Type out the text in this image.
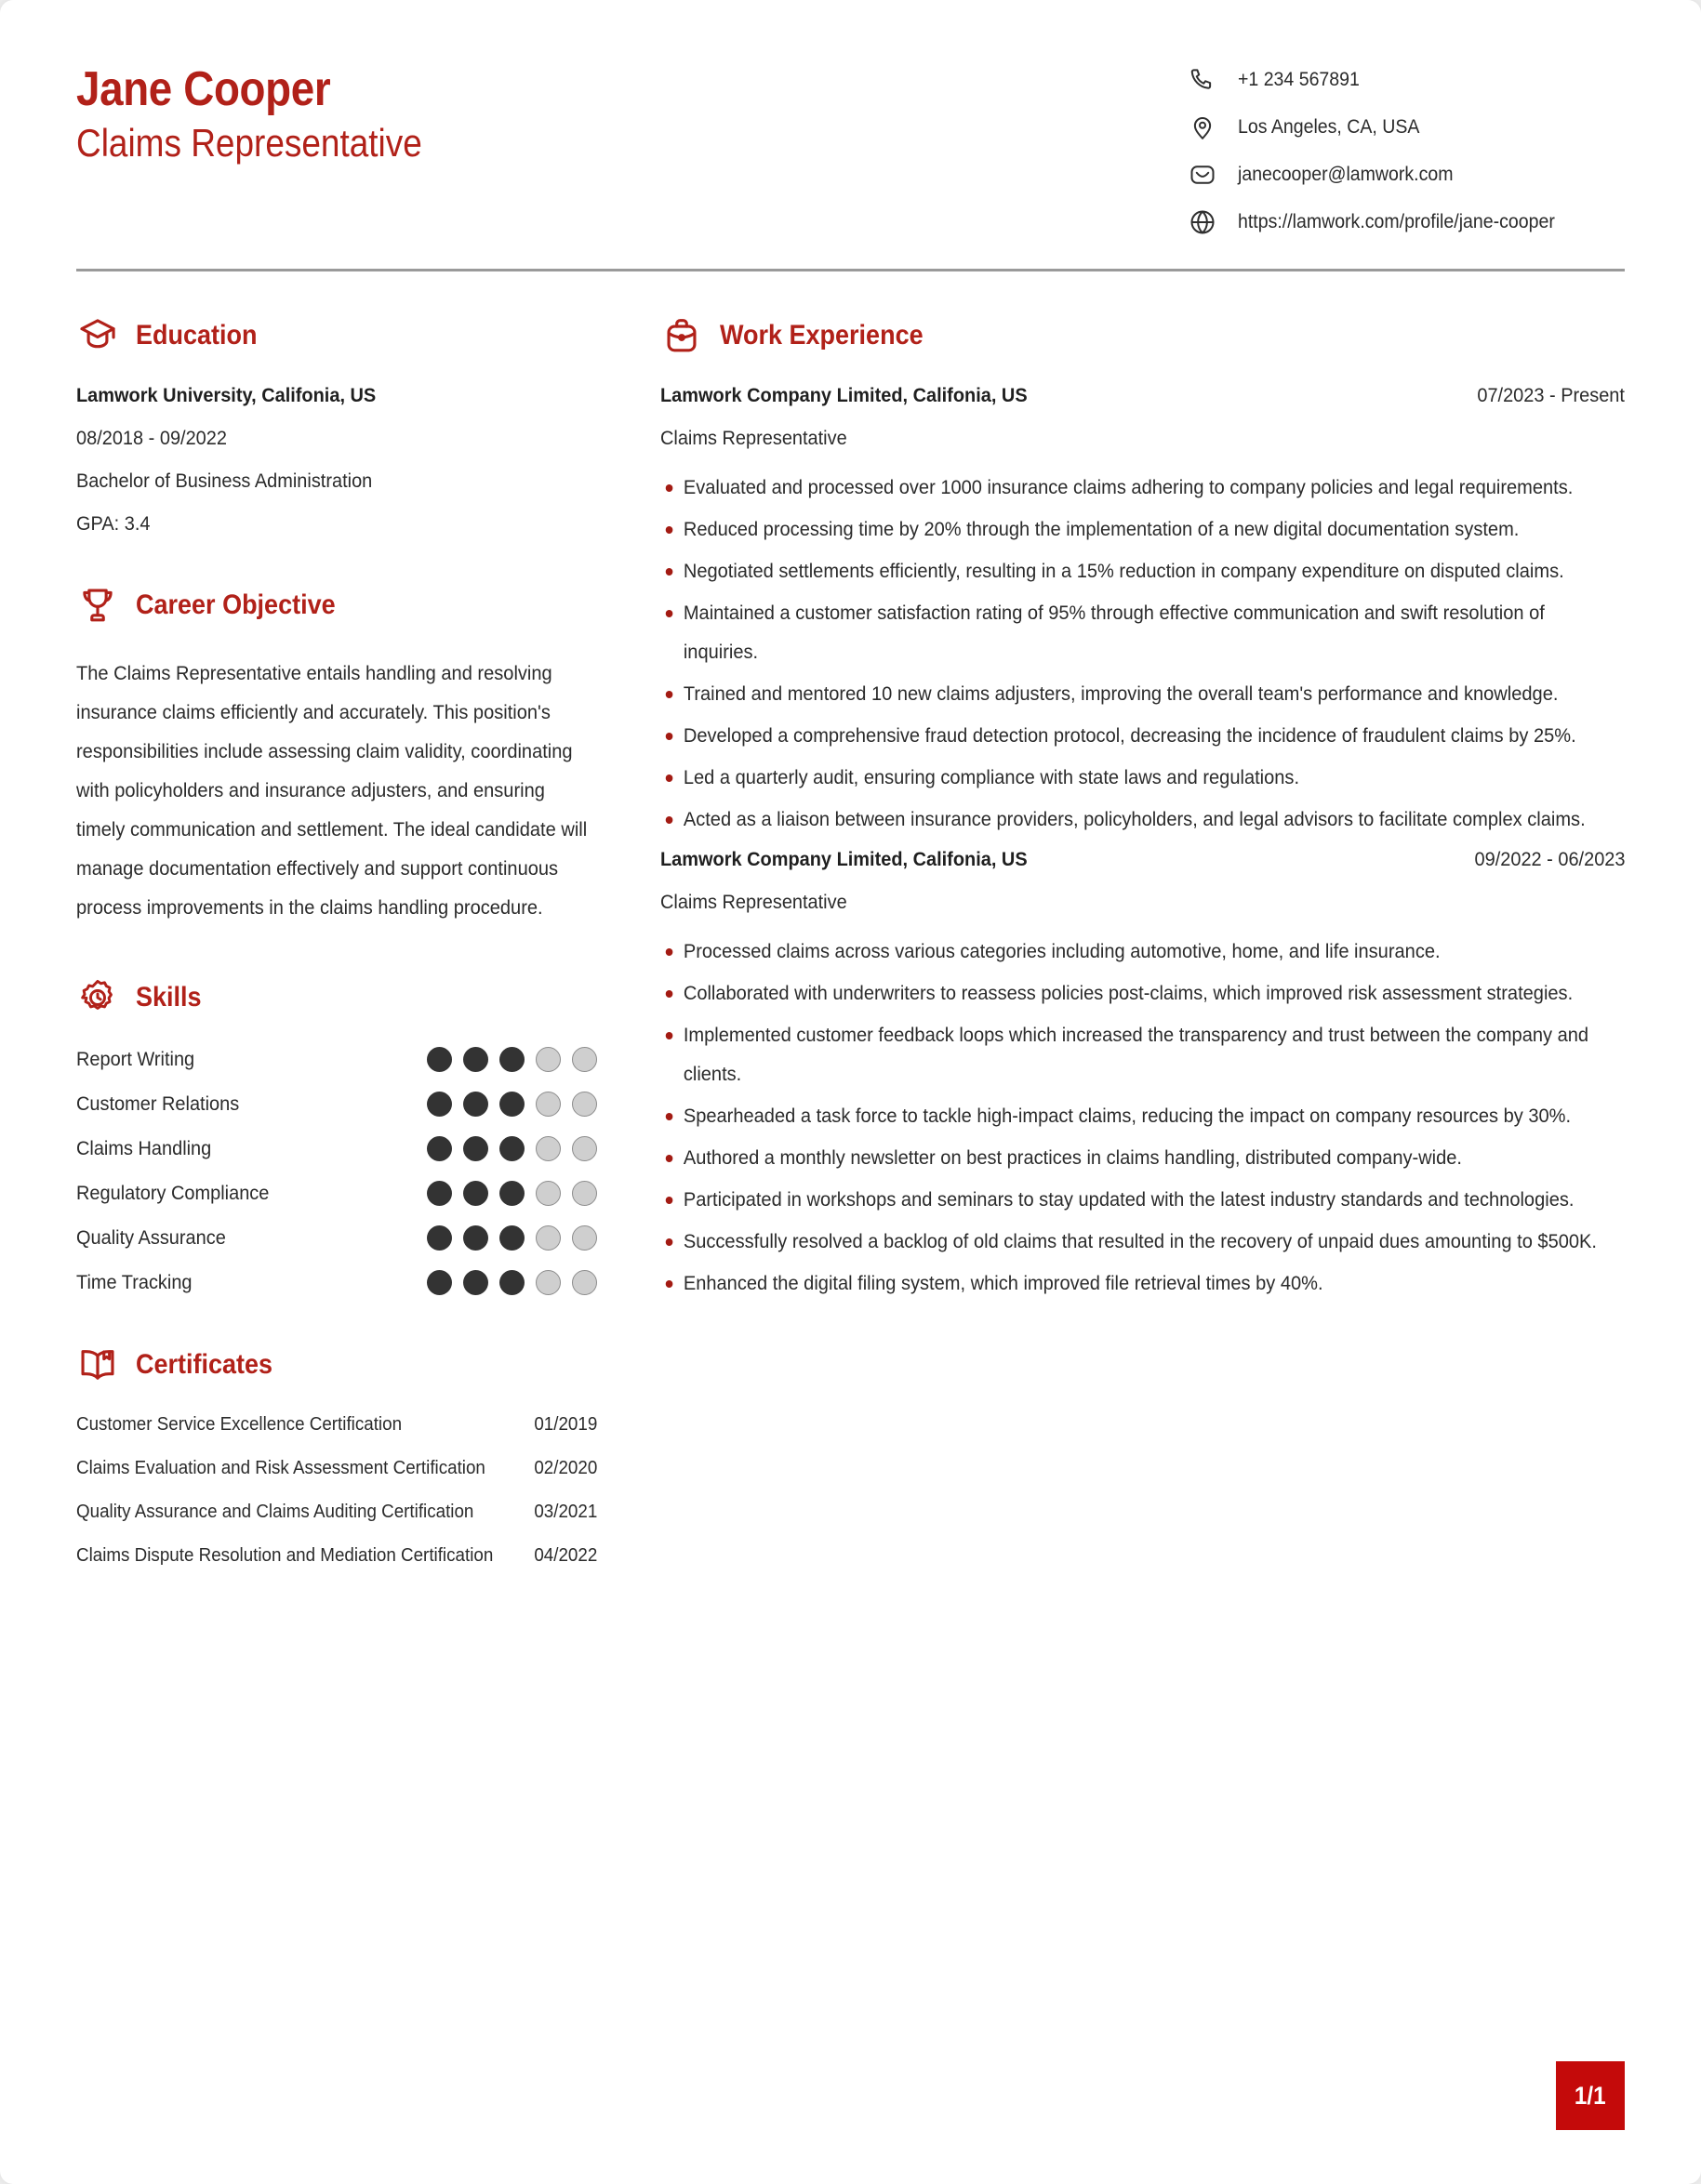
Jane Cooper
Claims Representative
+1 234 567891
Los Angeles, CA, USA
janecooper@lamwork.com
https://lamwork.com/profile/jane-cooper
Education
Lamwork University, Califonia, US
08/2018 - 09/2022
Bachelor of Business Administration
GPA: 3.4
Career Objective
The Claims Representative entails handling and resolving insurance claims efficiently and accurately. This position's responsibilities include assessing claim validity, coordinating with policyholders and insurance adjusters, and ensuring timely communication and settlement. The ideal candidate will manage documentation effectively and support continuous process improvements in the claims handling procedure.
Skills
Report Writing
Customer Relations
Claims Handling
Regulatory Compliance
Quality Assurance
Time Tracking
Certificates
Customer Service Excellence Certification	01/2019
Claims Evaluation and Risk Assessment Certification	02/2020
Quality Assurance and Claims Auditing Certification	03/2021
Claims Dispute Resolution and Mediation Certification 04/2022
Work Experience
Lamwork Company Limited, Califonia, US	07/2023 - Present
Claims Representative
Evaluated and processed over 1000 insurance claims adhering to company policies and legal requirements.
Reduced processing time by 20% through the implementation of a new digital documentation system.
Negotiated settlements efficiently, resulting in a 15% reduction in company expenditure on disputed claims.
Maintained a customer satisfaction rating of 95% through effective communication and swift resolution of inquiries.
Trained and mentored 10 new claims adjusters, improving the overall team's performance and knowledge.
Developed a comprehensive fraud detection protocol, decreasing the incidence of fraudulent claims by 25%.
Led a quarterly audit, ensuring compliance with state laws and regulations.
Acted as a liaison between insurance providers, policyholders, and legal advisors to facilitate complex claims.
Lamwork Company Limited, Califonia, US	09/2022 - 06/2023
Claims Representative
Processed claims across various categories including automotive, home, and life insurance.
Collaborated with underwriters to reassess policies post-claims, which improved risk assessment strategies.
Implemented customer feedback loops which increased the transparency and trust between the company and clients.
Spearheaded a task force to tackle high-impact claims, reducing the impact on company resources by 30%.
Authored a monthly newsletter on best practices in claims handling, distributed company-wide.
Participated in workshops and seminars to stay updated with the latest industry standards and technologies.
Successfully resolved a backlog of old claims that resulted in the recovery of unpaid dues amounting to $500K.
Enhanced the digital filing system, which improved file retrieval times by 40%.
1/1
